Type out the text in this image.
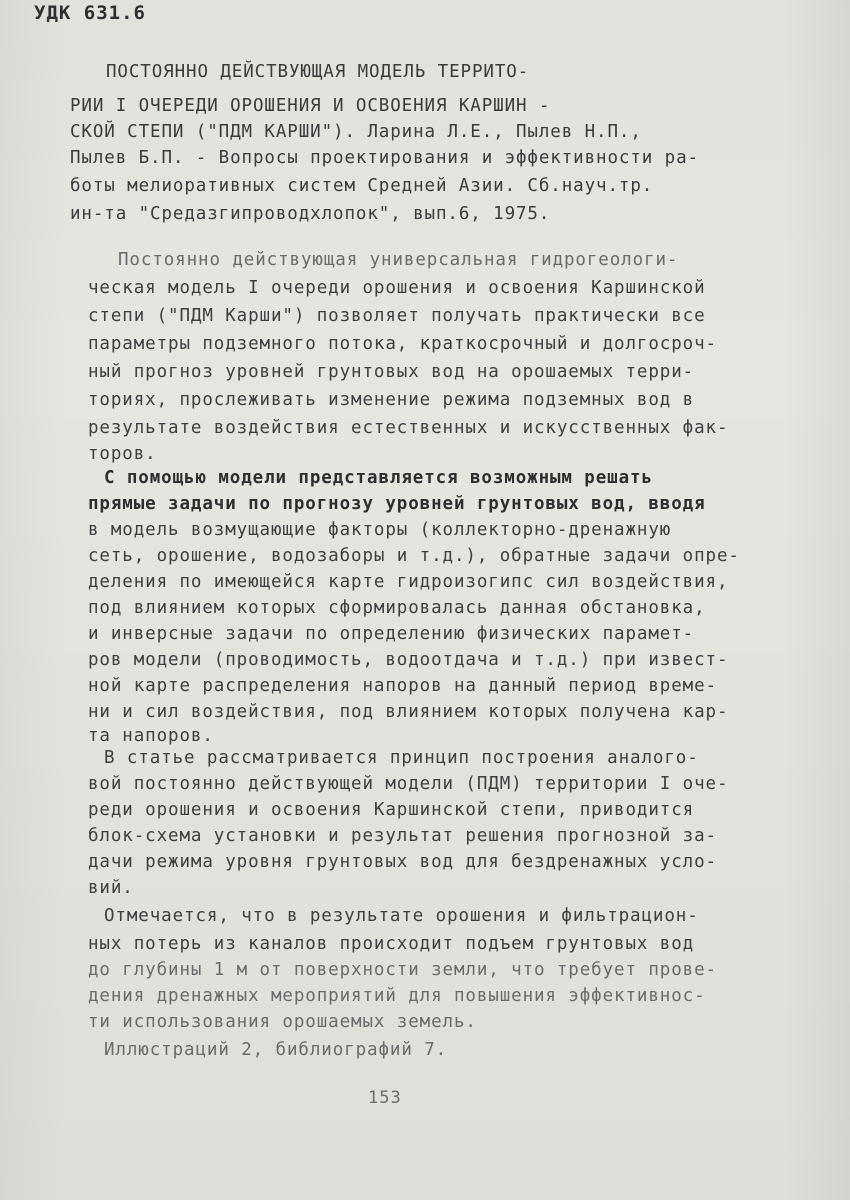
УДК 631.6
ПОСТОЯННО ДЕЙСТВУЮЩАЯ МОДЕЛЬ ТЕРРИТО-
РИИ I ОЧЕРЕДИ ОРОШЕНИЯ И ОСВОЕНИЯ КАРШИН -
СКОЙ СТЕПИ ("ПДМ КАРШИ"). Ларина Л.Е., Пылев Н.П.,
Пылев Б.П. - Вопросы проектирования и эффективности ра-
боты мелиоративных систем Средней Азии. Сб.науч.тр.
ин-та "Средазгипроводхлопок", вып.6, 1975.
Постоянно действующая универсальная гидрогеологи-
ческая модель I очереди орошения и освоения Каршинской
степи ("ПДМ Карши") позволяет получать практически все
параметры подземного потока, краткосрочный и долгосроч-
ный прогноз уровней грунтовых вод на орошаемых терри-
ториях, прослеживать изменение режима подземных вод в
результате воздействия естественных и искусственных фак-
торов.
С помощью модели представляется возможным решать
прямые задачи по прогнозу уровней грунтовых вод, вводя
в модель возмущающие факторы (коллекторно-дренажную
сеть, орошение, водозаборы и т.д.), обратные задачи опре-
деления по имеющейся карте гидроизогипс сил воздействия,
под влиянием которых сформировалась данная обстановка,
и инверсные задачи по определению физических парамет-
ров модели (проводимость, водоотдача и т.д.) при извест-
ной карте распределения напоров на данный период време-
ни и сил воздействия, под влиянием которых получена кар-
та напоров.
В статье рассматривается принцип построения аналого-
вой постоянно действующей модели (ПДМ) территории I оче-
реди орошения и освоения Каршинской степи, приводится
блок-схема установки и результат решения прогнозной за-
дачи режима уровня грунтовых вод для бездренажных усло-
вий.
Отмечается, что в результате орошения и фильтрацион-
ных потерь из каналов происходит подъем грунтовых вод
до глубины 1 м от поверхности земли, что требует прове-
дения дренажных мероприятий для повышения эффективнос-
ти использования орошаемых земель.
Иллюстраций 2, библиографий 7.
153
